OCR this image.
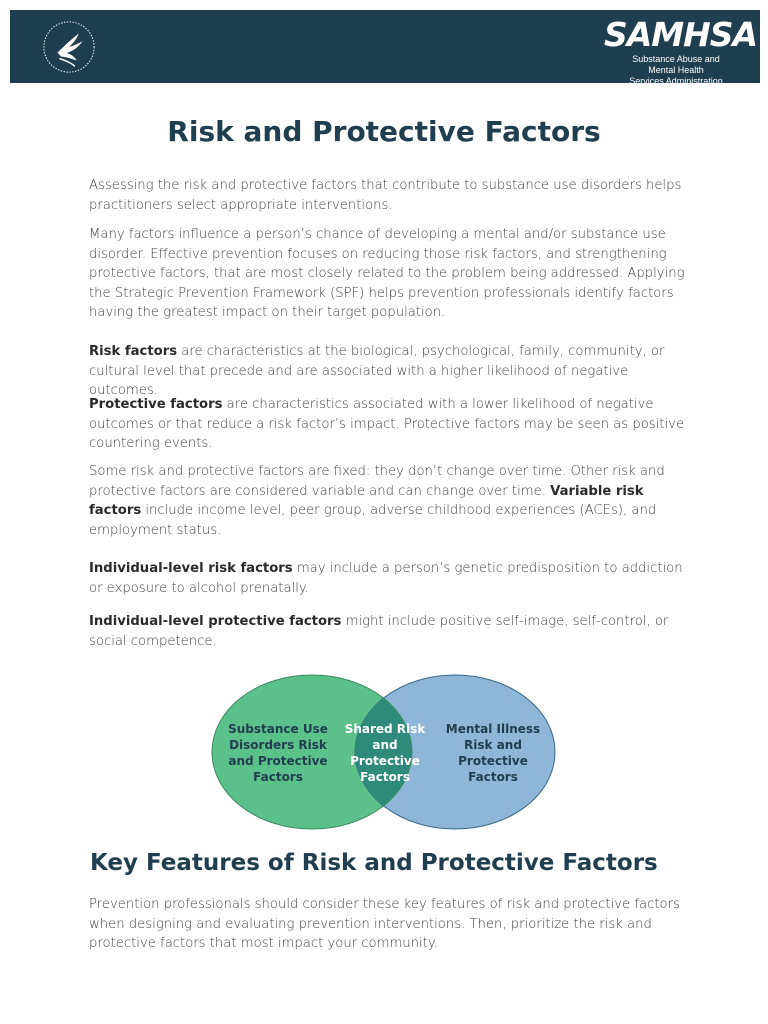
SAMHSA
Substance Abuse and Mental Health
Services Administration
Risk and Protective Factors

Assessing the risk and protective factors that contribute to substance use disorders helps practitioners select appropriate interventions.

Many factors influence a person’s chance of developing a mental and/or substance use disorder. Effective prevention focuses on reducing those risk factors, and strengthening protective factors, that are most closely related to the problem being addressed. Applying the Strategic Prevention Framework (SPF) helps prevention professionals identify factors having the greatest impact on their target population.

Risk factors are characteristics at the biological, psychological, family, community, or cultural level that precede and are associated with a higher likelihood of negative outcomes.

Protective factors are characteristics associated with a lower likelihood of negative outcomes or that reduce a risk factor’s impact. Protective factors may be seen as positive countering events.

Some risk and protective factors are fixed: they don’t change over time. Other risk and protective factors are considered variable and can change over time. Variable risk factors include income level, peer group, adverse childhood experiences (ACEs), and employment status.

Individual-level risk factors may include a person’s genetic predisposition to addiction or exposure to alcohol prenatally.

Individual-level protective factors might include positive self-image, self-control, or social competence.

Substance Use
Disorders Risk
and Protective
Factors
Shared Risk
and
Protective
Factors
Mental Illness
Risk and
Protective
Factors
Key Features of Risk and Protective Factors

Prevention professionals should consider these key features of risk and protective factors when designing and evaluating prevention interventions. Then, prioritize the risk and protective factors that most impact your community.
